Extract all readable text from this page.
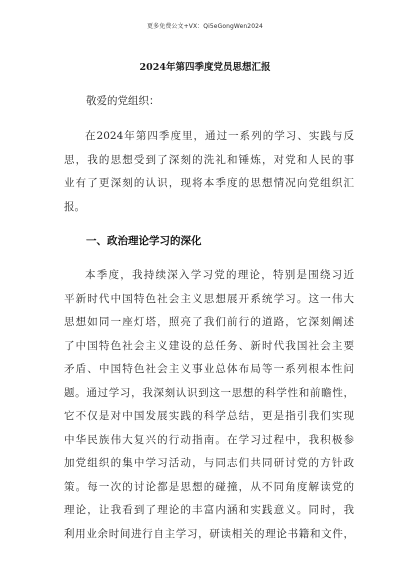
更多免费公文+VX：Qi5eGongWen2024
2024年第四季度党员思想汇报
敬爱的党组织：
在2024年第四季度里，通过一系列的学习、实践与反
思，我的思想受到了深刻的洗礼和锤炼，对党和人民的事
业有了更深刻的认识，现将本季度的思想情况向党组织汇
报。
一、政治理论学习的深化
本季度，我持续深入学习党的理论，特别是围绕习近
平新时代中国特色社会主义思想展开系统学习。这一伟大
思想如同一座灯塔，照亮了我们前行的道路，它深刻阐述
了中国特色社会主义建设的总任务、新时代我国社会主要
矛盾、中国特色社会主义事业总体布局等一系列根本性问
题。通过学习，我深刻认识到这一思想的科学性和前瞻性，
它不仅是对中国发展实践的科学总结，更是指引我们实现
中华民族伟大复兴的行动指南。在学习过程中，我积极参
加党组织的集中学习活动，与同志们共同研讨党的方针政
策。每一次的讨论都是思想的碰撞，从不同角度解读党的
理论，让我看到了理论的丰富内涵和实践意义。同时，我
利用业余时间进行自主学习，研读相关的理论书籍和文件，
